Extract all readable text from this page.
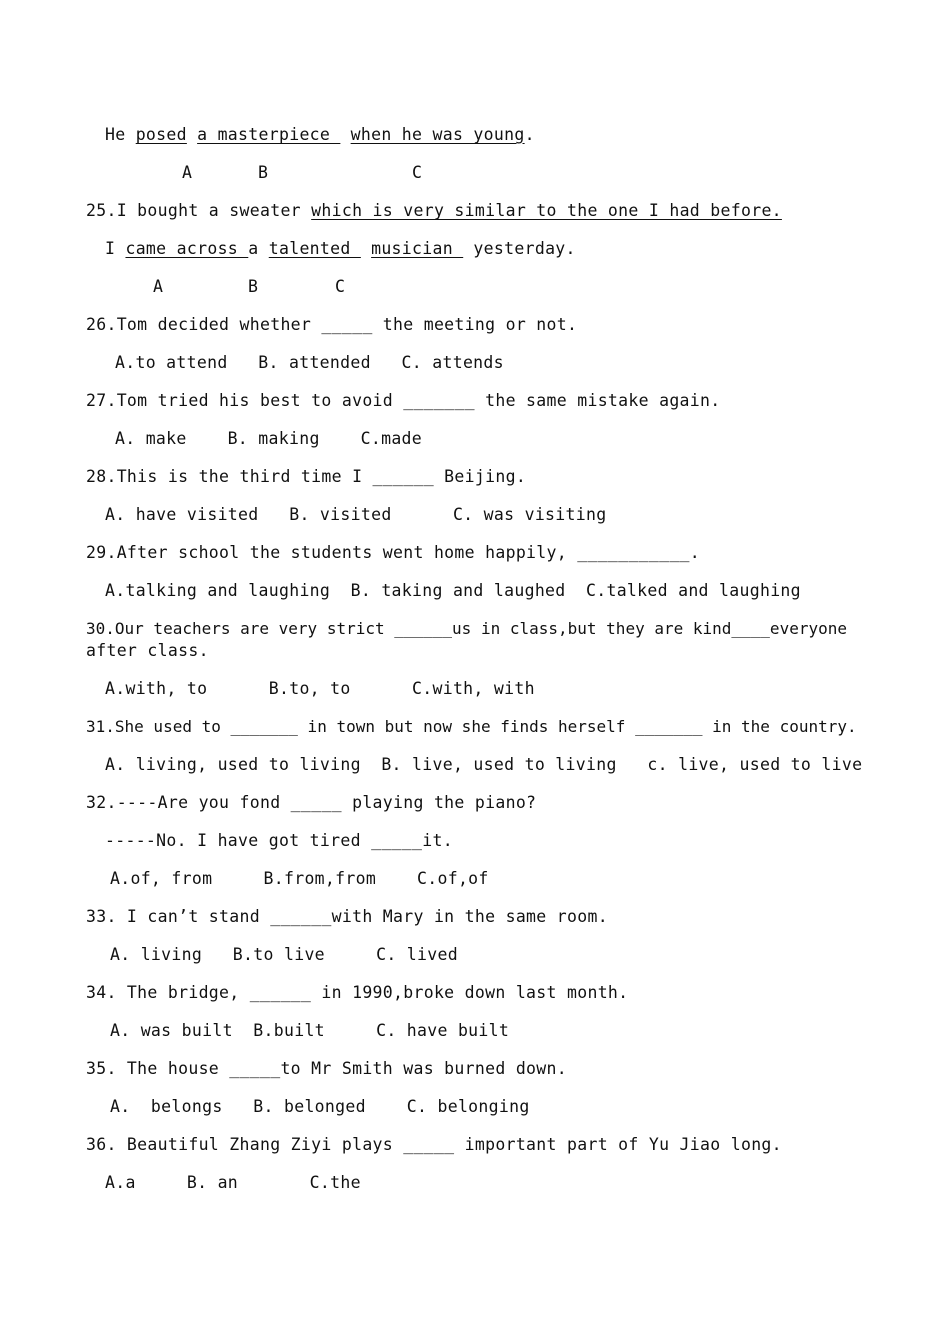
He posed a masterpiece  when he was young.
A	B	C
25.I bought a sweater which is very similar to the one I had before.
I came across a talented  musician  yesterday.
A	B	C
26.Tom decided whether _____ the meeting or not.
A.to attend   B. attended   C. attends
27.Tom tried his best to avoid _______ the same mistake again.
A. make    B. making    C.made
28.This is the third time I ______ Beijing.
A. have visited   B. visited      C. was visiting
29.After school the students went home happily, ___________.
A.talking and laughing  B. taking and laughed  C.talked and laughing
30.Our teachers are very strict ______us in class,but they are kind____everyone
after class.
A.with, to      B.to, to      C.with, with
31.She used to _______ in town but now she finds herself _______ in the country.
A. living, used to living  B. live, used to living   c. live, used to live
32.----Are you fond _____ playing the piano?
-----No. I have got tired _____it.
A.of, from     B.from,from    C.of,of
33. I can’t stand ______with Mary in the same room.
A. living   B.to live     C. lived
34. The bridge, ______ in 1990,broke down last month.
A. was built  B.built     C. have built
35. The house _____to Mr Smith was burned down.
A.  belongs   B. belonged    C. belonging
36. Beautiful Zhang Ziyi plays _____ important part of Yu Jiao long.
A.a     B. an       C.the
